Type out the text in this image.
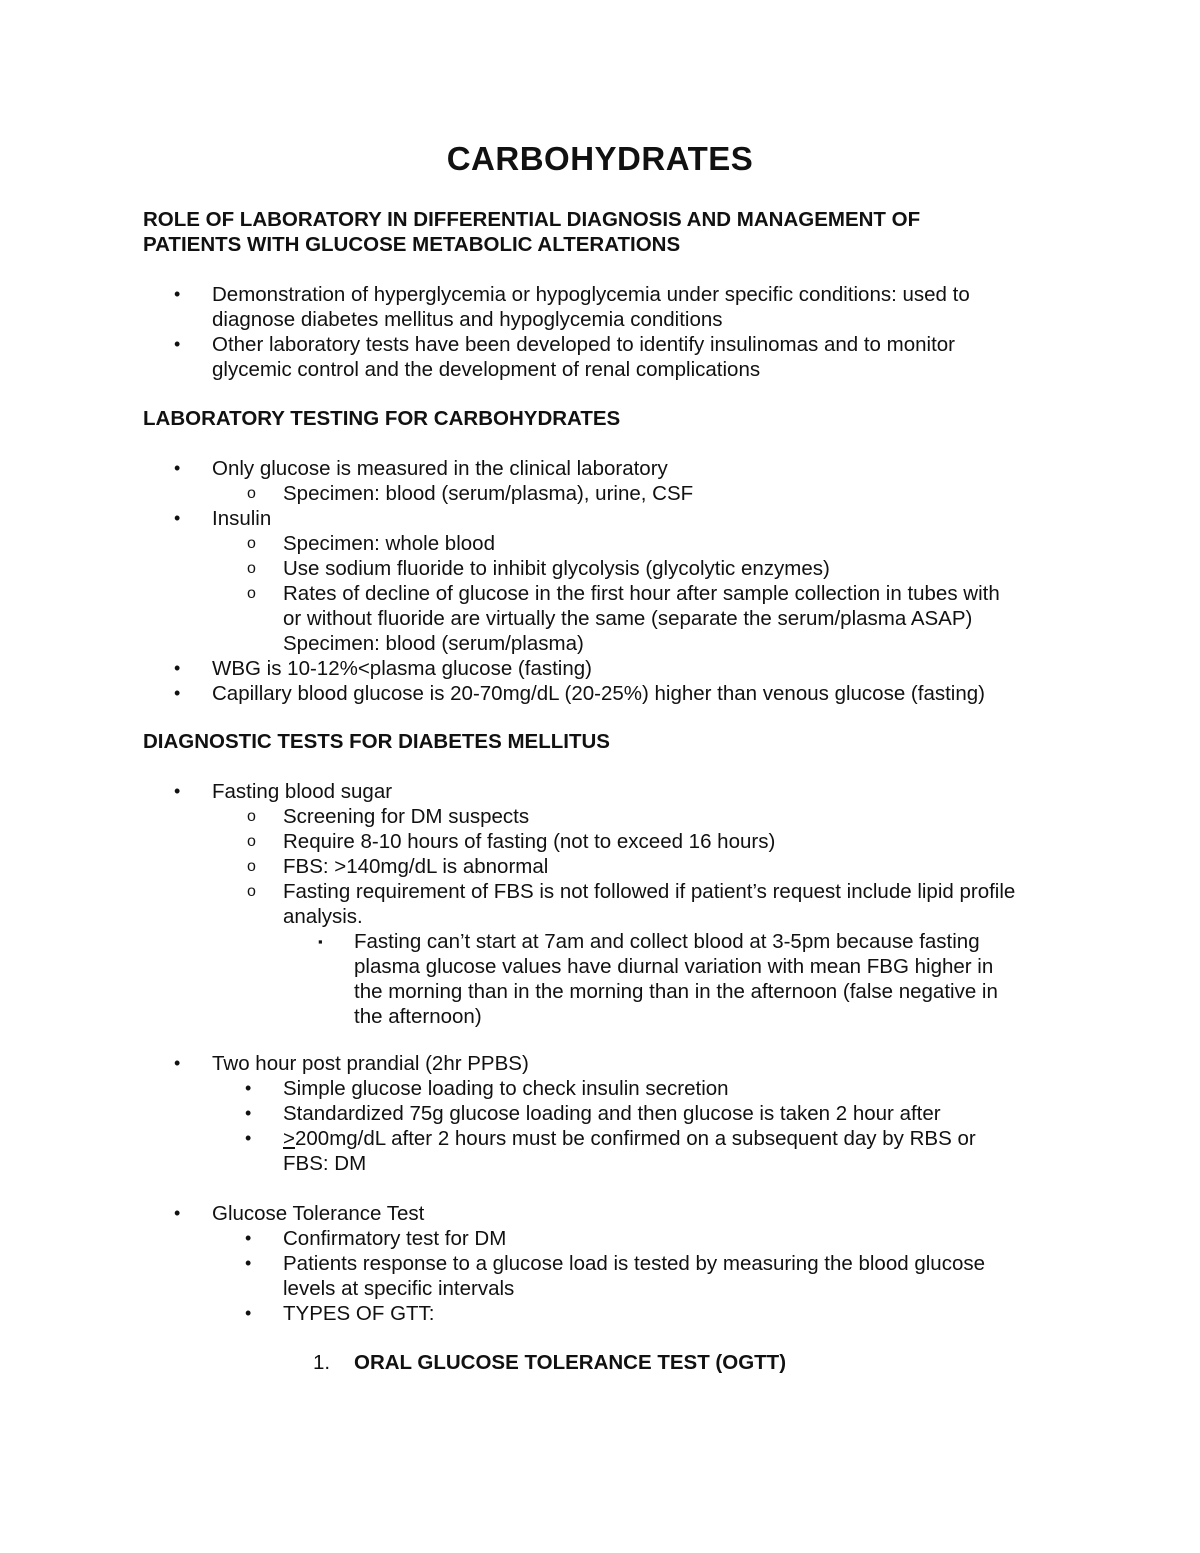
CARBOHYDRATES
ROLE OF LABORATORY IN DIFFERENTIAL DIAGNOSIS AND MANAGEMENT OF
PATIENTS WITH GLUCOSE METABOLIC ALTERATIONS
• Demonstration of hyperglycemia or hypoglycemia under specific conditions: used to
diagnose diabetes mellitus and hypoglycemia conditions
• Other laboratory tests have been developed to identify insulinomas and to monitor
glycemic control and the development of renal complications
LABORATORY TESTING FOR CARBOHYDRATES
• Only glucose is measured in the clinical laboratory
o Specimen: blood (serum/plasma), urine, CSF
• Insulin
o Specimen: whole blood
o Use sodium fluoride to inhibit glycolysis (glycolytic enzymes)
o Rates of decline of glucose in the first hour after sample collection in tubes with
or without fluoride are virtually the same (separate the serum/plasma ASAP)
Specimen: blood (serum/plasma)
• WBG is 10-12%<plasma glucose (fasting)
• Capillary blood glucose is 20-70mg/dL (20-25%) higher than venous glucose (fasting)
DIAGNOSTIC TESTS FOR DIABETES MELLITUS
• Fasting blood sugar
o Screening for DM suspects
o Require 8-10 hours of fasting (not to exceed 16 hours)
o FBS: >140mg/dL is abnormal
o Fasting requirement of FBS is not followed if patient’s request include lipid profile
analysis.
▪ Fasting can’t start at 7am and collect blood at 3-5pm because fasting
plasma glucose values have diurnal variation with mean FBG higher in
the morning than in the morning than in the afternoon (false negative in
the afternoon)
• Two hour post prandial (2hr PPBS)
• Simple glucose loading to check insulin secretion
• Standardized 75g glucose loading and then glucose is taken 2 hour after
• ≥200mg/dL after 2 hours must be confirmed on a subsequent day by RBS or
FBS: DM
• Glucose Tolerance Test
• Confirmatory test for DM
• Patients response to a glucose load is tested by measuring the blood glucose
levels at specific intervals
• TYPES OF GTT:
1. ORAL GLUCOSE TOLERANCE TEST (OGTT)
